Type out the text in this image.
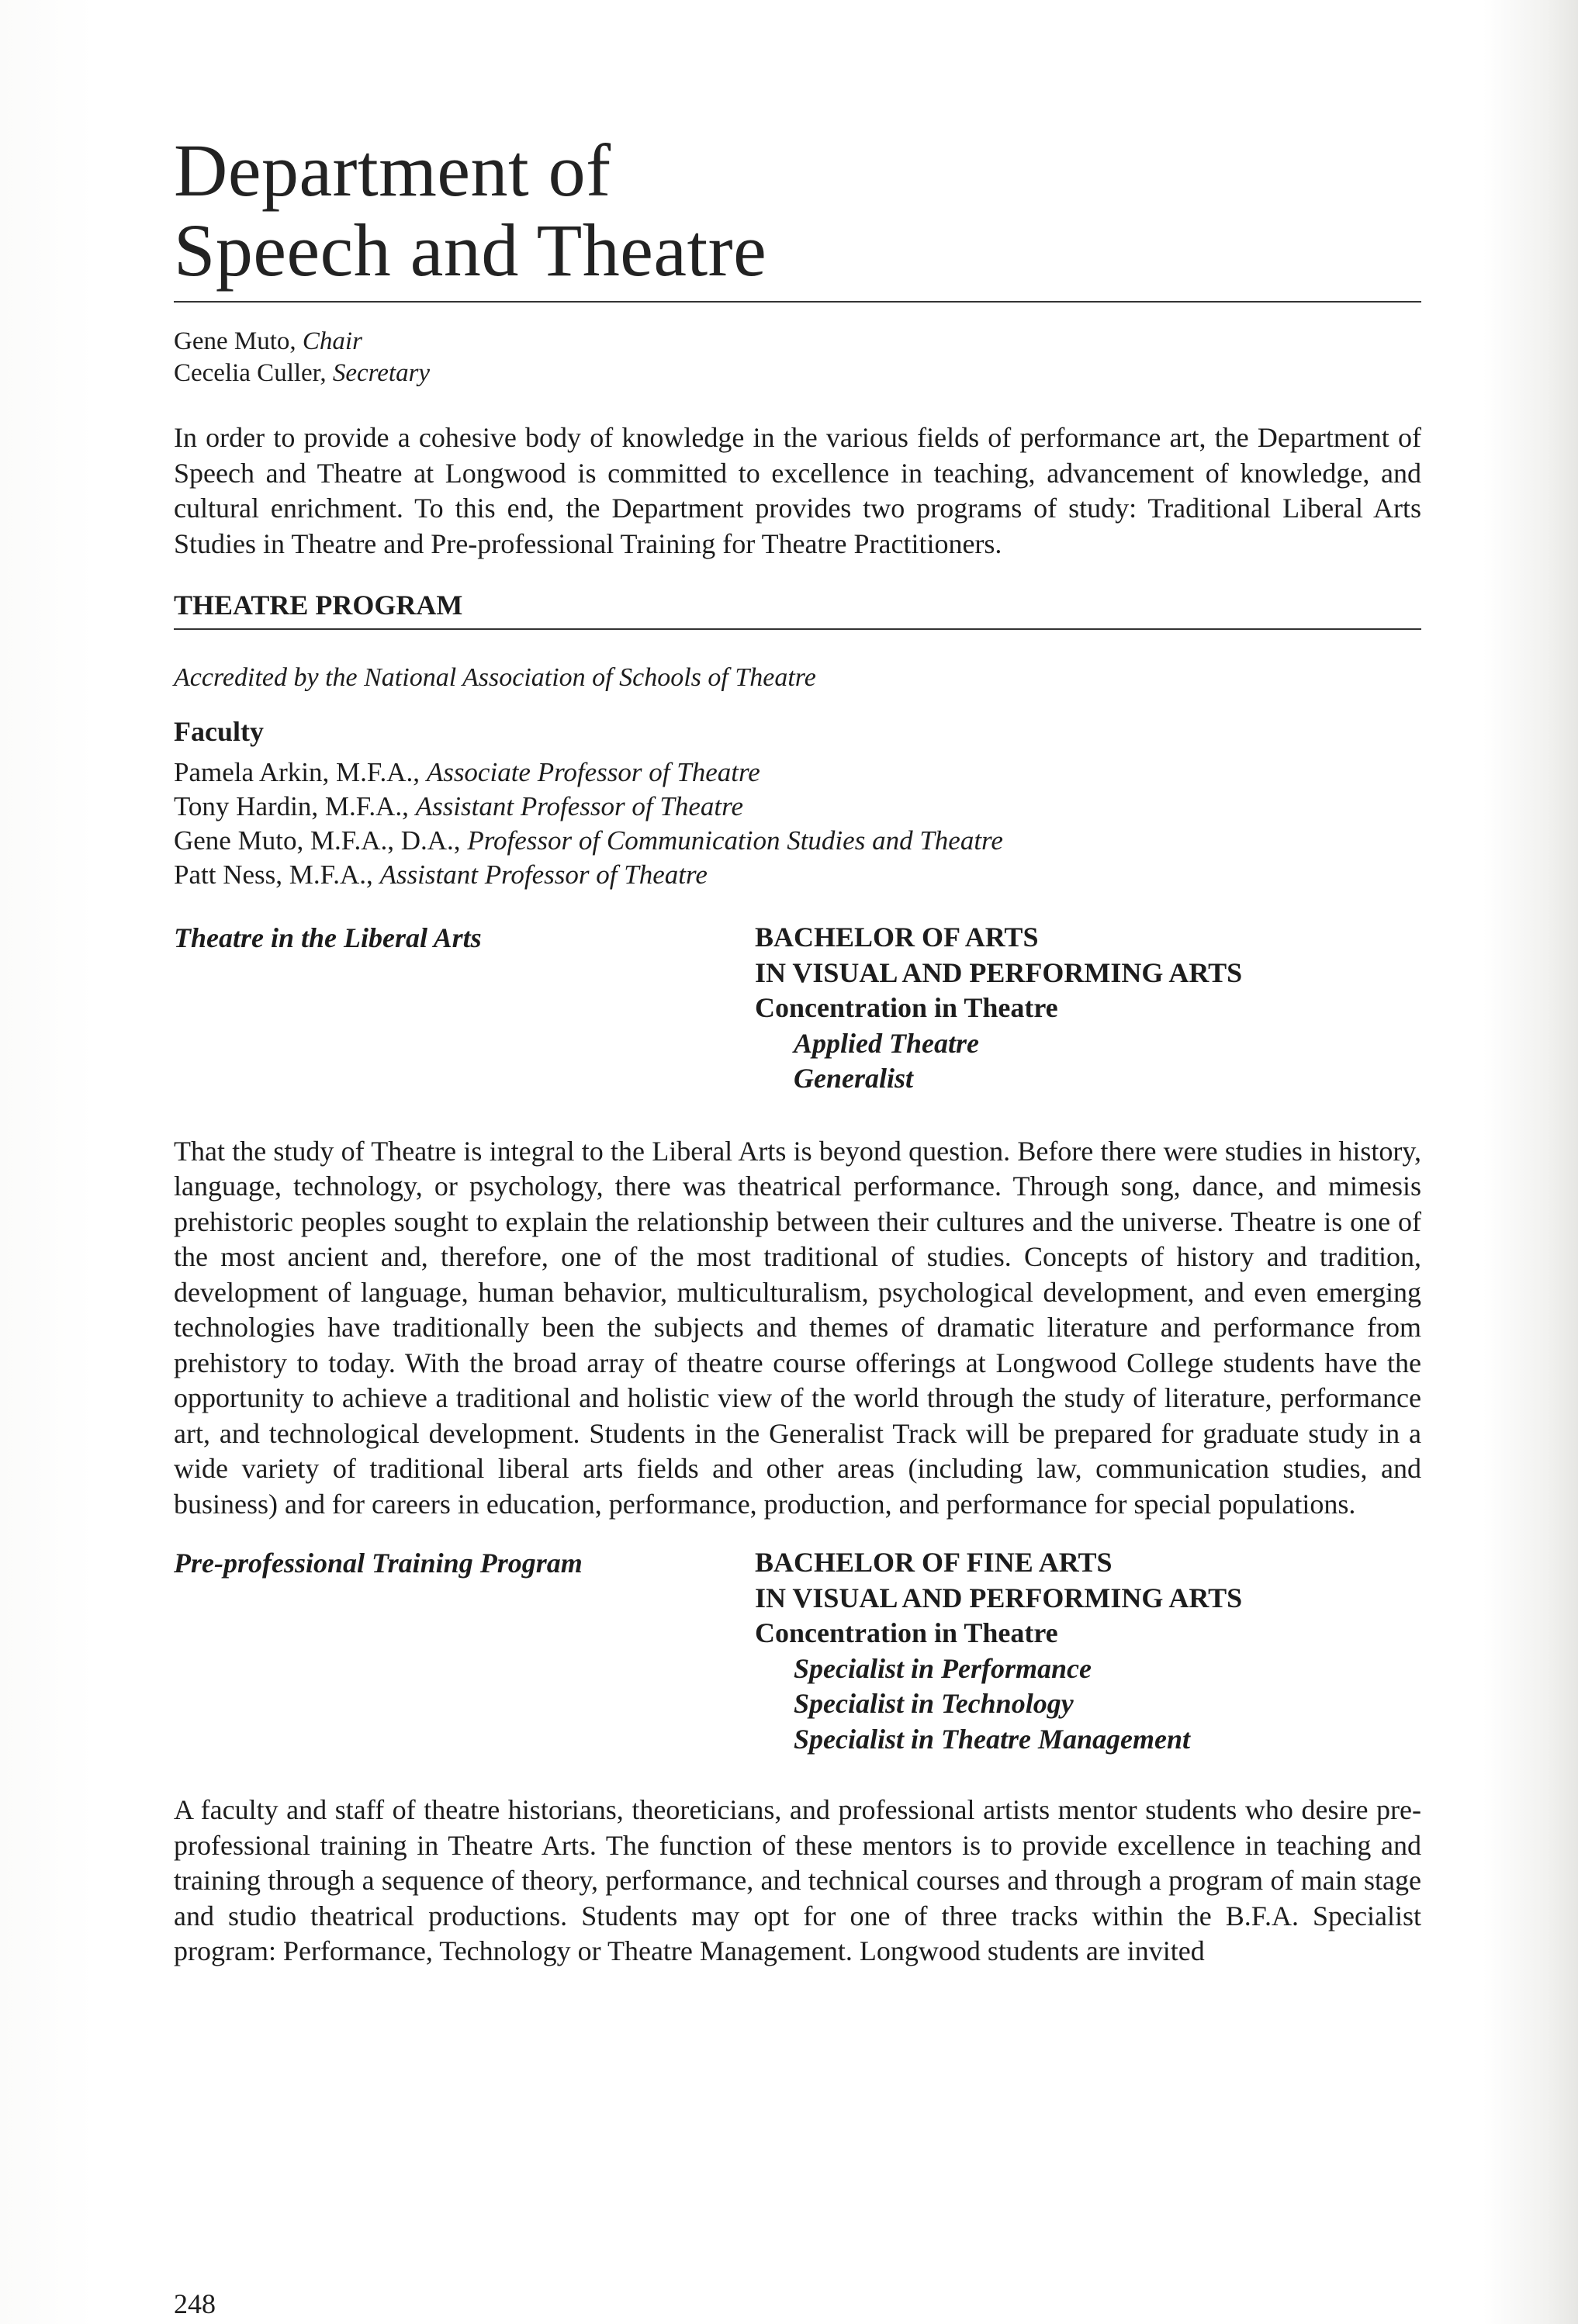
Department of
Speech and Theatre
Gene Muto, Chair
Cecelia Culler, Secretary

In order to provide a cohesive body of knowledge in the various fields of performance art, the Department of Speech and Theatre at Longwood is committed to excellence in teaching, advancement of knowledge, and cultural enrichment. To this end, the Department provides two programs of study: Traditional Liberal Arts Studies in Theatre and Pre-professional Training for Theatre Practitioners.

THEATRE PROGRAM
Accredited by the National Association of Schools of Theatre
Faculty
Pamela Arkin, M.F.A., Associate Professor of Theatre
Tony Hardin, M.F.A., Assistant Professor of Theatre
Gene Muto, M.F.A., D.A., Professor of Communication Studies and Theatre
Patt Ness, M.F.A., Assistant Professor of Theatre
Theatre in the Liberal Arts	BACHELOR OF ARTS
IN VISUAL AND PERFORMING ARTS
Concentration in Theatre
Applied Theatre
Generalist

That the study of Theatre is integral to the Liberal Arts is beyond question. Before there were studies in history, language, technology, or psychology, there was theatrical performance. Through song, dance, and mimesis prehistoric peoples sought to explain the relationship between their cultures and the universe. Theatre is one of the most ancient and, therefore, one of the most traditional of studies. Concepts of history and tradition, development of language, human behavior, multiculturalism, psychological development, and even emerging technologies have traditionally been the subjects and themes of dramatic literature and performance from prehistory to today. With the broad array of theatre course offerings at Longwood College students have the opportunity to achieve a traditional and holistic view of the world through the study of literature, performance art, and technological development. Students in the Generalist Track will be prepared for graduate study in a wide variety of traditional liberal arts fields and other areas (including law, communication studies, and business) and for careers in education, performance, production, and performance for special populations.

Pre-professional Training Program	BACHELOR OF FINE ARTS
IN VISUAL AND PERFORMING ARTS
Concentration in Theatre
Specialist in Performance
Specialist in Technology
Specialist in Theatre Management

A faculty and staff of theatre historians, theoreticians, and professional artists mentor students who desire pre-professional training in Theatre Arts. The function of these mentors is to provide excellence in teaching and training through a sequence of theory, performance, and technical courses and through a program of main stage and studio theatrical productions. Students may opt for one of three tracks within the B.F.A. Specialist program: Performance, Technology or Theatre Management. Longwood students are invited

248
